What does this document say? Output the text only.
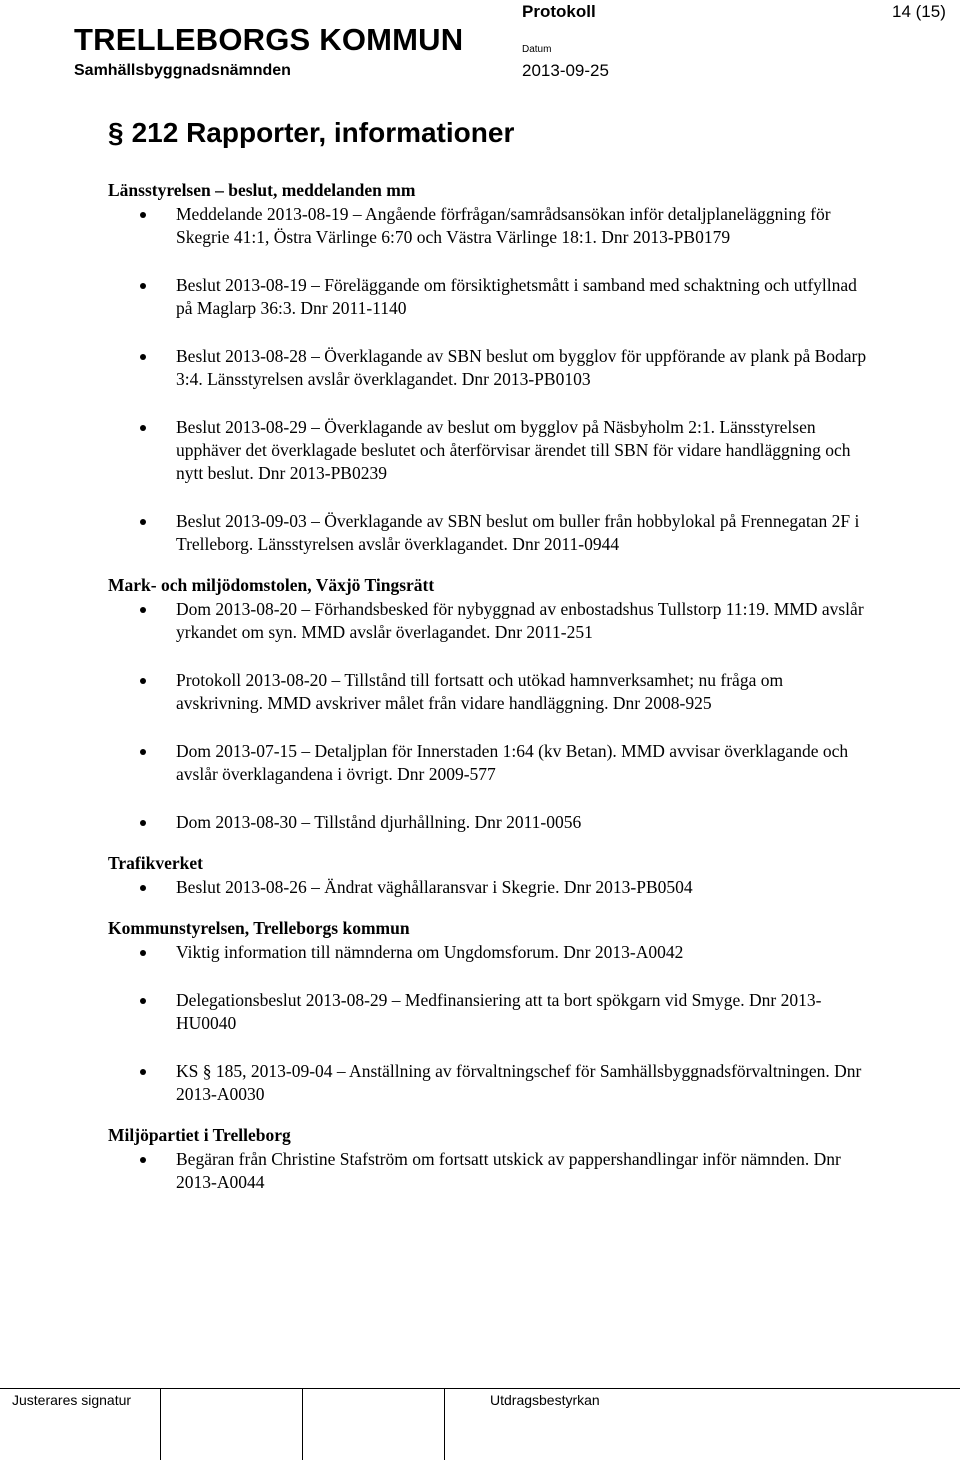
TRELLEBORGS KOMMUN
Samhällsbyggnadsnämnden
Protokoll	14 (15)
Datum
2013-09-25
§ 212 Rapporter, informationer
Länsstyrelsen – beslut, meddelanden mm
Meddelande 2013-08-19 – Angående förfrågan/samrådsansökan inför detaljplaneläggning för Skegrie 41:1, Östra Värlinge 6:70 och Västra Värlinge 18:1. Dnr 2013-PB0179
Beslut 2013-08-19 – Föreläggande om försiktighetsmått i samband med schaktning och utfyllnad på Maglarp 36:3. Dnr 2011-1140
Beslut 2013-08-28 – Överklagande av SBN beslut om bygglov för uppförande av plank på Bodarp 3:4. Länsstyrelsen avslår överklagandet. Dnr 2013-PB0103
Beslut 2013-08-29 – Överklagande av beslut om bygglov på Näsbyholm 2:1. Länsstyrelsen upphäver det överklagade beslutet och återförvisar ärendet till SBN för vidare handläggning och nytt beslut. Dnr 2013-PB0239
Beslut 2013-09-03 – Överklagande av SBN beslut om buller från hobbylokal på Frennegatan 2F i Trelleborg. Länsstyrelsen avslår överklagandet. Dnr 2011-0944
Mark- och miljödomstolen, Växjö Tingsrätt
Dom 2013-08-20 – Förhandsbesked för nybyggnad av enbostadshus Tullstorp 11:19. MMD avslår yrkandet om syn. MMD avslår överlagandet. Dnr 2011-251
Protokoll 2013-08-20 – Tillstånd till fortsatt och utökad hamnverksamhet; nu fråga om avskrivning. MMD avskriver målet från vidare handläggning. Dnr 2008-925
Dom 2013-07-15 – Detaljplan för Innerstaden 1:64 (kv Betan). MMD avvisar överklagande och avslår överklagandena i övrigt. Dnr 2009-577
Dom 2013-08-30 – Tillstånd djurhållning. Dnr 2011-0056
Trafikverket
Beslut 2013-08-26 – Ändrat väghållaransvar i Skegrie. Dnr 2013-PB0504
Kommunstyrelsen, Trelleborgs kommun
Viktig information till nämnderna om Ungdomsforum. Dnr 2013-A0042
Delegationsbeslut 2013-08-29 – Medfinansiering att ta bort spökgarn vid Smyge. Dnr 2013-HU0040
KS § 185, 2013-09-04 – Anställning av förvaltningschef för Samhällsbyggnadsförvaltningen. Dnr 2013-A0030
Miljöpartiet i Trelleborg
Begäran från Christine Stafström om fortsatt utskick av pappershandlingar inför nämnden. Dnr 2013-A0044
Justerares signatur	Utdragsbestyrkan
